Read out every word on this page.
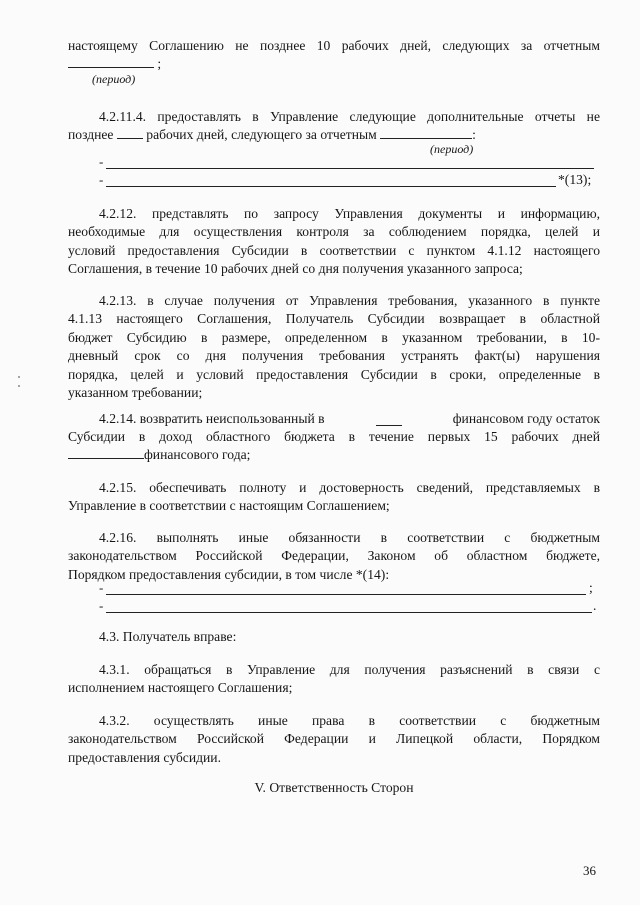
настоящему Соглашению не позднее 10 рабочих дней, следующих за отчетным
;
(период)
4.2.11.4. предоставлять в Управление следующие дополнительные отчеты не
позднее рабочих дней, следующего за отчетным	:
(период)
-
-	*(13);
4.2.12. представлять по запросу Управления документы и информацию,
необходимые для осуществления контроля за соблюдением порядка, целей и
условий предоставления Субсидии в соответствии с пунктом 4.1.12 настоящего
Соглашения, в течение 10 рабочих дней со дня получения указанного запроса;
4.2.13. в случае получения от Управления требования, указанного в пункте
4.1.13 настоящего Соглашения, Получатель Субсидии возвращает в областной
бюджет Субсидию в размере, определенном в указанном требовании, в 10-
дневный срок со дня получения требования устранять факт(ы) нарушения
порядка, целей и условий предоставления Субсидии в сроки, определенные в
указанном требовании;
4.2.14. возвратить неиспользованный в	финансовом году остаток
Субсидии в доход областного бюджета в течение первых 15 рабочих дней
финансового года;
4.2.15. обеспечивать полноту и достоверность сведений, представляемых в
Управление в соответствии с настоящим Соглашением;
4.2.16. выполнять иные обязанности в соответствии с бюджетным
законодательством Российской Федерации, Законом об областном бюджете,
Порядком предоставления субсидии, в том числе *(14):
-	;
-	.
4.3. Получатель вправе:
4.3.1. обращаться в Управление для получения разъяснений в связи с
исполнением настоящего Соглашения;
4.3.2. осуществлять иные права в соответствии с бюджетным
законодательством Российской Федерации и Липецкой области, Порядком
предоставления субсидии.
V. Ответственность Сторон
36
